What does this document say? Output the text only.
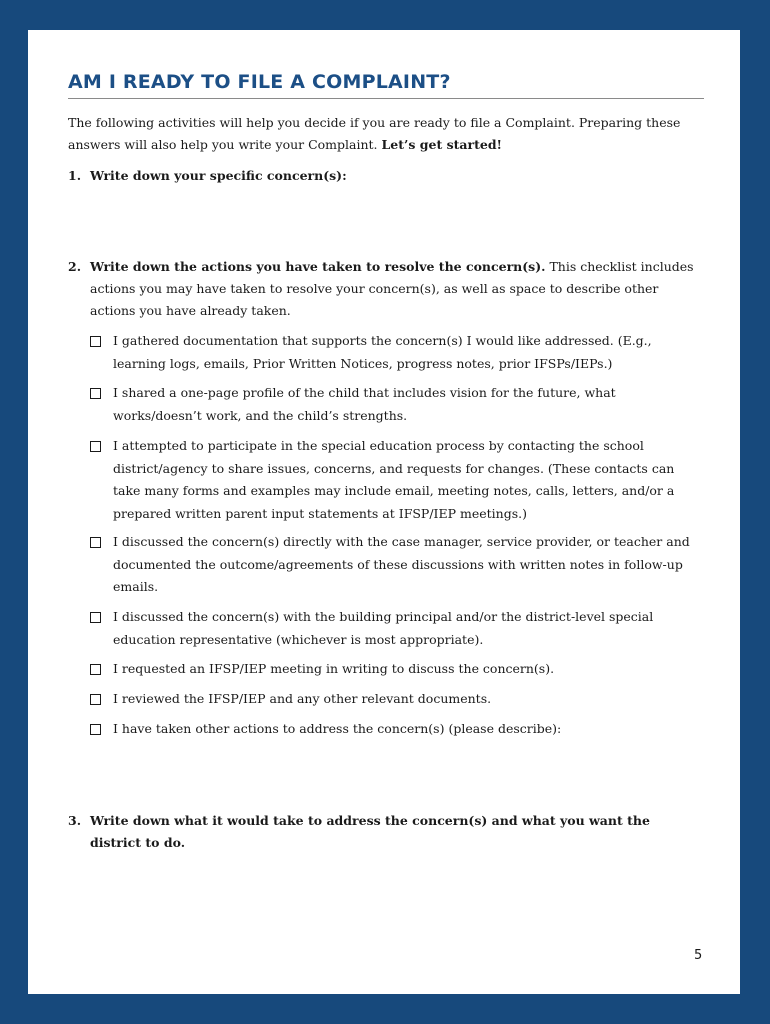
AM I READY TO FILE A COMPLAINT?
The following activities will help you decide if you are ready to file a Complaint. Preparing these answers will also help you write your Complaint. Let’s get started!
1. Write down your specific concern(s):
2. Write down the actions you have taken to resolve the concern(s). This checklist includes actions you may have taken to resolve your concern(s), as well as space to describe other actions you have already taken.
I gathered documentation that supports the concern(s) I would like addressed. (E.g., learning logs, emails, Prior Written Notices, progress notes, prior IFSPs/IEPs.)
I shared a one-page profile of the child that includes vision for the future, what works/doesn’t work, and the child’s strengths.
I attempted to participate in the special education process by contacting the school district/agency to share issues, concerns, and requests for changes. (These contacts can take many forms and examples may include email, meeting notes, calls, letters, and/or a prepared written parent input statements at IFSP/IEP meetings.)
I discussed the concern(s) directly with the case manager, service provider, or teacher and documented the outcome/agreements of these discussions with written notes in follow-up emails.
I discussed the concern(s) with the building principal and/or the district-level special education representative (whichever is most appropriate).
I requested an IFSP/IEP meeting in writing to discuss the concern(s).
I reviewed the IFSP/IEP and any other relevant documents.
I have taken other actions to address the concern(s) (please describe):
3. Write down what it would take to address the concern(s) and what you want the district to do.
5
